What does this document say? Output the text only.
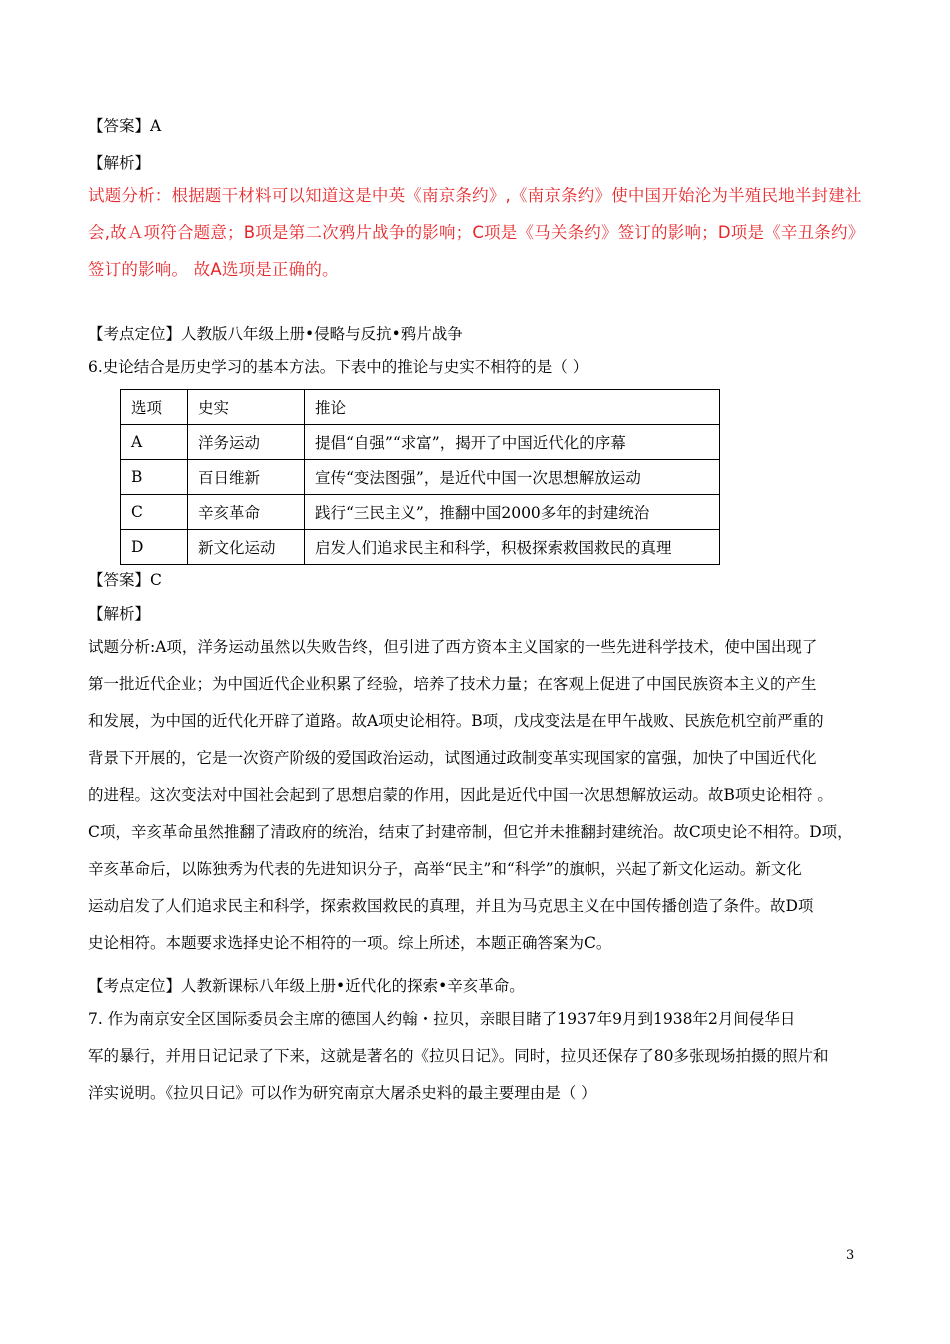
【答案】A
【解析】
试题分析：根据题干材料可以知道这是中英《南京条约》,《南京条约》使中国开始沦为半殖民地半封建社
会,故Ａ项符合题意；B项是第二次鸦片战争的影响；C项是《马关条约》签订的影响；D项是《辛丑条约》
签订的影响。 故A选项是正确的。
【考点定位】人教版八年级上册•侵略与反抗•鸦片战争
6.史论结合是历史学习的基本方法。下表中的推论与史实不相符的是（ ）
选项	史实	推论
A	洋务运动	提倡“自强”“求富”，揭开了中国近代化的序幕
B	百日维新	宣传“变法图强”，是近代中国一次思想解放运动
C	辛亥革命	践行“三民主义”，推翻中国2000多年的封建统治
D	新文化运动	启发人们追求民主和科学，积极探索救国救民的真理
【答案】C
【解析】
试题分析:A项，洋务运动虽然以失败告终，但引进了西方资本主义国家的一些先进科学技术，使中国出现了
第一批近代企业；为中国近代企业积累了经验，培养了技术力量；在客观上促进了中国民族资本主义的产生
和发展，为中国的近代化开辟了道路。故A项史论相符。B项，戊戌变法是在甲午战败、民族危机空前严重的
背景下开展的，它是一次资产阶级的爱国政治运动，试图通过政制变革实现国家的富强，加快了中国近代化
的进程。这次变法对中国社会起到了思想启蒙的作用，因此是近代中国一次思想解放运动。故B项史论相符 。
C项，辛亥革命虽然推翻了清政府的统治，结束了封建帝制，但它并未推翻封建统治。故C项史论不相符。D项，
辛亥革命后，以陈独秀为代表的先进知识分子，高举“民主”和“科学”的旗帜，兴起了新文化运动。新文化
运动启发了人们追求民主和科学，探索救国救民的真理，并且为马克思主义在中国传播创造了条件。故D项
史论相符。本题要求选择史论不相符的一项。综上所述，本题正确答案为C。
【考点定位】人教新课标八年级上册•近代化的探索•辛亥革命。
7. 作为南京安全区国际委员会主席的德国人约翰・拉贝，亲眼目睹了1937年9月到1938年2月间侵华日
军的暴行，并用日记记录了下来，这就是著名的《拉贝日记》。同时，拉贝还保存了80多张现场拍摄的照片和
洋实说明。《拉贝日记》可以作为研究南京大屠杀史料的最主要理由是（ ）
3
